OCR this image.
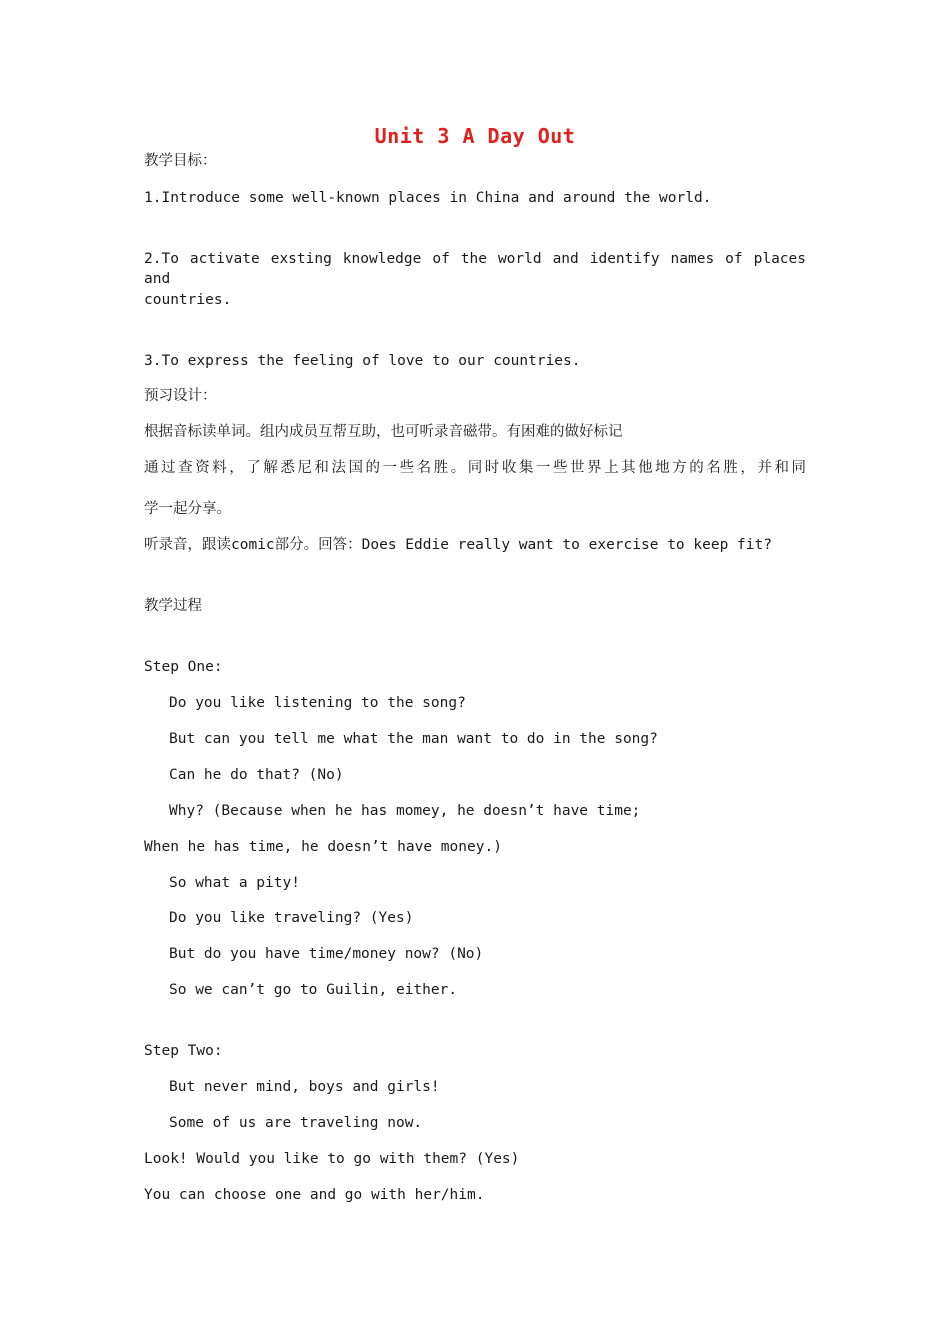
Unit 3 A Day Out
教学目标：
1.Introduce some well-known places in China and around the world.
2.To activate exsting knowledge of the world and identify names of places and
countries.
3.To express the feeling of love to our countries.
预习设计：
根据音标读单词。组内成员互帮互助，也可听录音磁带。有困难的做好标记
通过查资料，了解悉尼和法国的一些名胜。同时收集一些世界上其他地方的名胜，并和同
学一起分享。
听录音，跟读comic部分。回答：Does Eddie really want to exercise to keep fit?
教学过程
Step One:
Do you like listening to the song?
But can you tell me what the man want to do in the song?
Can he do that? (No)
Why? (Because when he has momey, he doesn’t have time;
When he has time, he doesn’t have money.)
So what a pity!
Do you like traveling? (Yes)
But do you have time/money now? (No)
So we can’t go to Guilin, either.
Step Two:
But never mind, boys and girls!
Some of us are traveling now.
Look! Would you like to go with them? (Yes)
You can choose one and go with her/him.
